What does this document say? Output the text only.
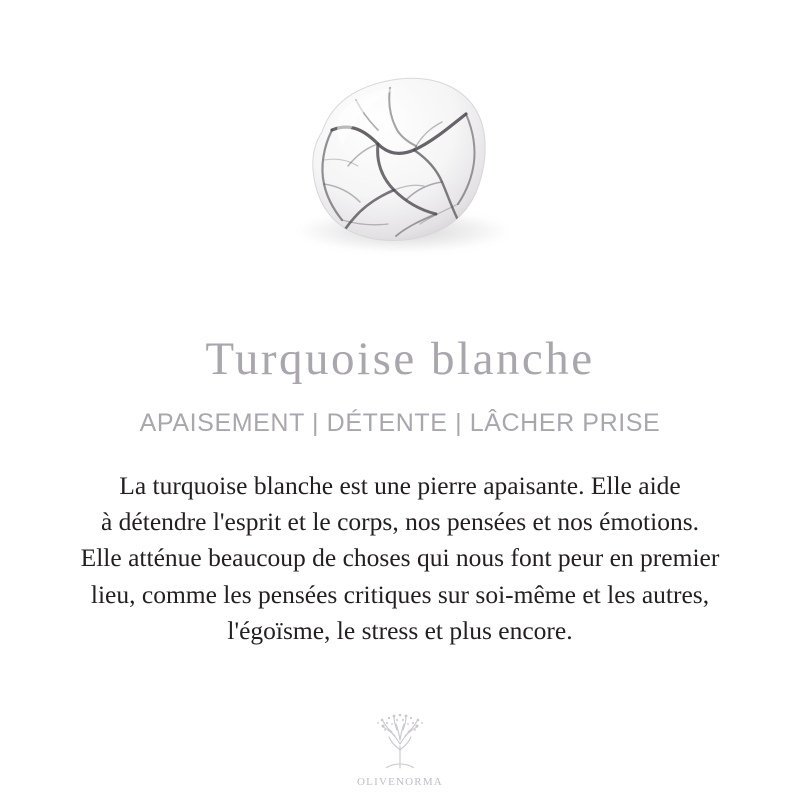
Turquoise blanche
APAISEMENT | DÉTENTE | LÂCHER PRISE
La turquoise blanche est une pierre apaisante. Elle aide
à détendre l'esprit et le corps, nos pensées et nos émotions.
Elle atténue beaucoup de choses qui nous font peur en premier
lieu, comme les pensées critiques sur soi-même et les autres,
l'égoïsme, le stress et plus encore.
OLIVENORMA
